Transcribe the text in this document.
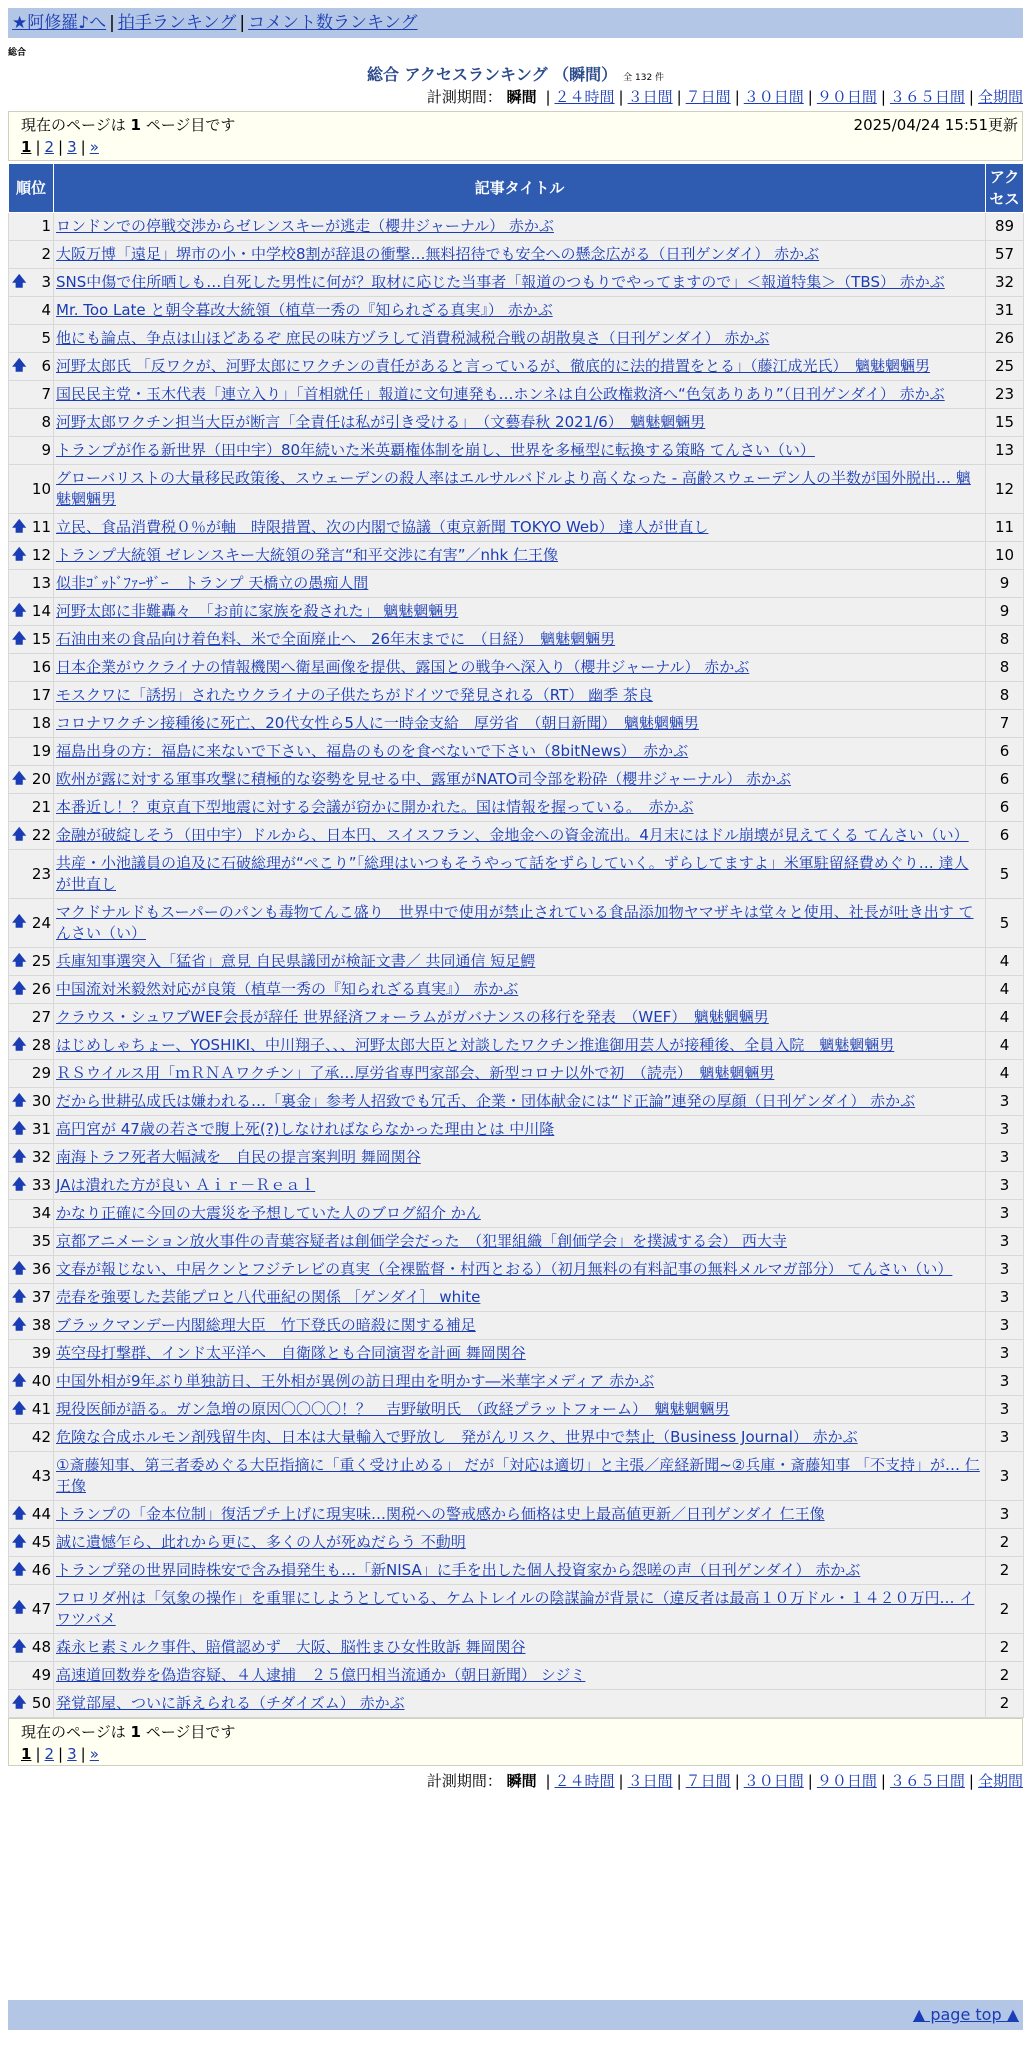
★阿修羅♪へ | 拍手ランキング | コメント数ランキング
総合
総合 アクセスランキング （瞬間） 全 132 件
計測期間： 瞬間 | ２４時間 | ３日間 | ７日間 | ３０日間 | ９０日間 | ３６５日間 | 全期間
現在のページは 1 ページ目です	2025/04/24 15:51更新
1 | 2 | 3 | »
順位	記事タイトル	アクセス
1	ロンドンでの停戦交渉からゼレンスキーが逃走（櫻井ジャーナル） 赤かぶ	89
2	大阪万博「遠足」堺市の小・中学校8割が辞退の衝撃…無料招待でも安全への懸念広がる（日刊ゲンダイ） 赤かぶ	57

🡅 3	SNS中傷で住所晒しも…自死した男性に何が？取材に応じた当事者「報道のつもりでやってますので」＜報道特集＞（TBS） 赤かぶ	32
4	Mr. Too Late と朝令暮改大統領（植草一秀の『知られざる真実』） 赤かぶ	31
5	他にも論点、争点は山ほどあるぞ 庶民の味方ヅラして消費税減税合戦の胡散臭さ（日刊ゲンダイ） 赤かぶ	26

🡅 6	河野太郎氏 「反ワクが、河野太郎にワクチンの責任があると言っているが、徹底的に法的措置をとる」（藤江成光氏）　魑魅魍魎男	25
7	国民民主党・玉木代表「連立入り」「首相就任」報道に文句連発も…ホンネは自公政権救済へ“色気ありあり”（日刊ゲンダイ） 赤かぶ	23
8	河野太郎ワクチン担当大臣が断言「全責任は私が引き受ける」　（文藝春秋 2021/6）　魑魅魍魎男	15
9	トランプが作る新世界（田中宇）80年続いた米英覇権体制を崩し、世界を多極型に転換する策略 てんさい（い）	13
10	グローバリストの大量移民政策後、スウェーデンの殺人率はエルサルバドルより高くなった - 高齢スウェーデン人の半数が国外脱出… 魑魅魍魎男	12

🡅 11	立民、食品消費税０％が軸　時限措置、次の内閣で協議（東京新聞 TOKYO Web） 達人が世直し	11

🡅 12	トランプ大統領 ゼレンスキー大統領の発言“和平交渉に有害”／nhk 仁王像	10
13	似非ｺﾞｯﾄﾞﾌｧｰｻﾞｰ　トランプ 天橋立の愚痴人間	9

🡅 14	河野太郎に非難轟々　「お前に家族を殺された」 魑魅魍魎男	9

🡅 15	石油由来の食品向け着色料、米で全面廃止へ　26年末までに　（日経）　魑魅魍魎男	8
16	日本企業がウクライナの情報機関へ衛星画像を提供、露国との戦争へ深入り（櫻井ジャーナル） 赤かぶ	8
17	モスクワに「誘拐」されたウクライナの子供たちがドイツで発見される（RT） 幽季 茶良	8
18	コロナワクチン接種後に死亡、20代女性ら5人に一時金支給　厚労省　（朝日新聞）　魑魅魍魎男	7
19	福島出身の方：福島に来ないで下さい、福島のものを食べないで下さい（8bitNews）　赤かぶ	6

🡅 20	欧州が露に対する軍事攻撃に積極的な姿勢を見せる中、露軍がNATO司令部を粉砕（櫻井ジャーナル） 赤かぶ	6
21	本番近し！？東京直下型地震に対する会議が窃かに開かれた。国は情報を握っている。　赤かぶ	6

🡅 22	金融が破綻しそう（田中宇）ドルから、日本円、スイスフラン、金地金への資金流出。4月末にはドル崩壊が見えてくる てんさい（い）	6
23	共産・小池議員の追及に石破総理が“ぺこり”「総理はいつもそうやって話をずらしていく。ずらしてますよ」米軍駐留経費めぐり… 達人が世直し	5

🡅 24	マクドナルドもスーパーのパンも毒物てんこ盛り　世界中で使用が禁止されている食品添加物ヤマザキは堂々と使用、社長が吐き出す てんさい（い）	5

🡅 25	兵庫知事選突入「猛省」意見 自民県議団が検証文書／ 共同通信 短足鰐	4

🡅 26	中国流対米毅然対応が良策（植草一秀の『知られざる真実』） 赤かぶ	4
27	クラウス・シュワブWEF会長が辞任 世界経済フォーラムがガバナンスの移行を発表　（WEF）　魑魅魍魎男	4

🡅 28	はじめしゃちょー、YOSHIKI、中川翔子、、、河野太郎大臣と対談したワクチン推進御用芸人が接種後、全員入院　魑魅魍魎男	4
29	ＲＳウイルス用「ｍＲＮＡワクチン」了承…厚労省専門家部会、新型コロナ以外で初　（読売）　魑魅魍魎男	4

🡅 30	だから世耕弘成氏は嫌われる…「裏金」参考人招致でも冗舌、企業・団体献金には“ド正論”連発の厚顔（日刊ゲンダイ） 赤かぶ	3

🡅 31	高円宮が 47歳の若さで腹上死(?)しなければならなかった理由とは 中川隆	3

🡅 32	南海トラフ死者大幅減を　自民の提言案判明 舞岡関谷	3

🡅 33	JAは潰れた方が良い Ａｉｒ－Ｒｅａｌ	3
34	かなり正確に今回の大震災を予想していた人のブログ紹介 かん	3
35	京都アニメーション放火事件の青葉容疑者は創価学会だった　（犯罪組織「創価学会」を撲滅する会） 西大寺	3

🡅 36	文春が報じない、中居クンとフジテレビの真実（全裸監督・村西とおる）（初月無料の有料記事の無料メルマガ部分） てんさい（い）	3

🡅 37	売春を強要した芸能プロと八代亜紀の関係 ［ゲンダイ］ white	3

🡅 38	ブラックマンデー内閣総理大臣　竹下登氏の暗殺に関する補足	3
39	英空母打撃群、インド太平洋へ　自衛隊とも合同演習を計画 舞岡関谷	3

🡅 40	中国外相が9年ぶり単独訪日、王外相が異例の訪日理由を明かす―米華字メディア 赤かぶ	3

🡅 41	現役医師が語る。ガン急増の原因〇〇〇〇！？　吉野敏明氏　（政経プラットフォーム）　魑魅魍魎男	3
42	危険な合成ホルモン剤残留牛肉、日本は大量輸入で野放し　発がんリスク、世界中で禁止（Business Journal） 赤かぶ	3
43	①斎藤知事、第三者委めぐる大臣指摘に「重く受け止める」 だが「対応は適切」と主張／産経新聞~②兵庫・斎藤知事 「不支持」が… 仁王像	3

🡅 44	トランプの「金本位制」復活プチ上げに現実味…関税への警戒感から価格は史上最高値更新／日刊ゲンダイ 仁王像	3

🡅 45	誠に遺憾乍ら、此れから更に、多くの人が死ぬだらう 不動明	2

🡅 46	トランプ発の世界同時株安で含み損発生も…「新NISA」に手を出した個人投資家から怨嗟の声（日刊ゲンダイ） 赤かぶ	2

🡅 47	フロリダ州は「気象の操作」を重罪にしようとしている、ケムトレイルの陰謀論が背景に（違反者は最高１０万ドル・１４２０万円… イワツバメ	2

🡅 48	森永ヒ素ミルク事件、賠償認めず　大阪、脳性まひ女性敗訴 舞岡関谷	2
49	高速道回数券を偽造容疑、４人逮捕　２５億円相当流通か（朝日新聞） シジミ	2

🡅 50	発覚部屋、ついに訴えられる（チダイズム） 赤かぶ	2
現在のページは 1 ページ目です
1 | 2 | 3 | »
計測期間： 瞬間 | ２４時間 | ３日間 | ７日間 | ３０日間 | ９０日間 | ３６５日間 | 全期間
▲ page top ▲
